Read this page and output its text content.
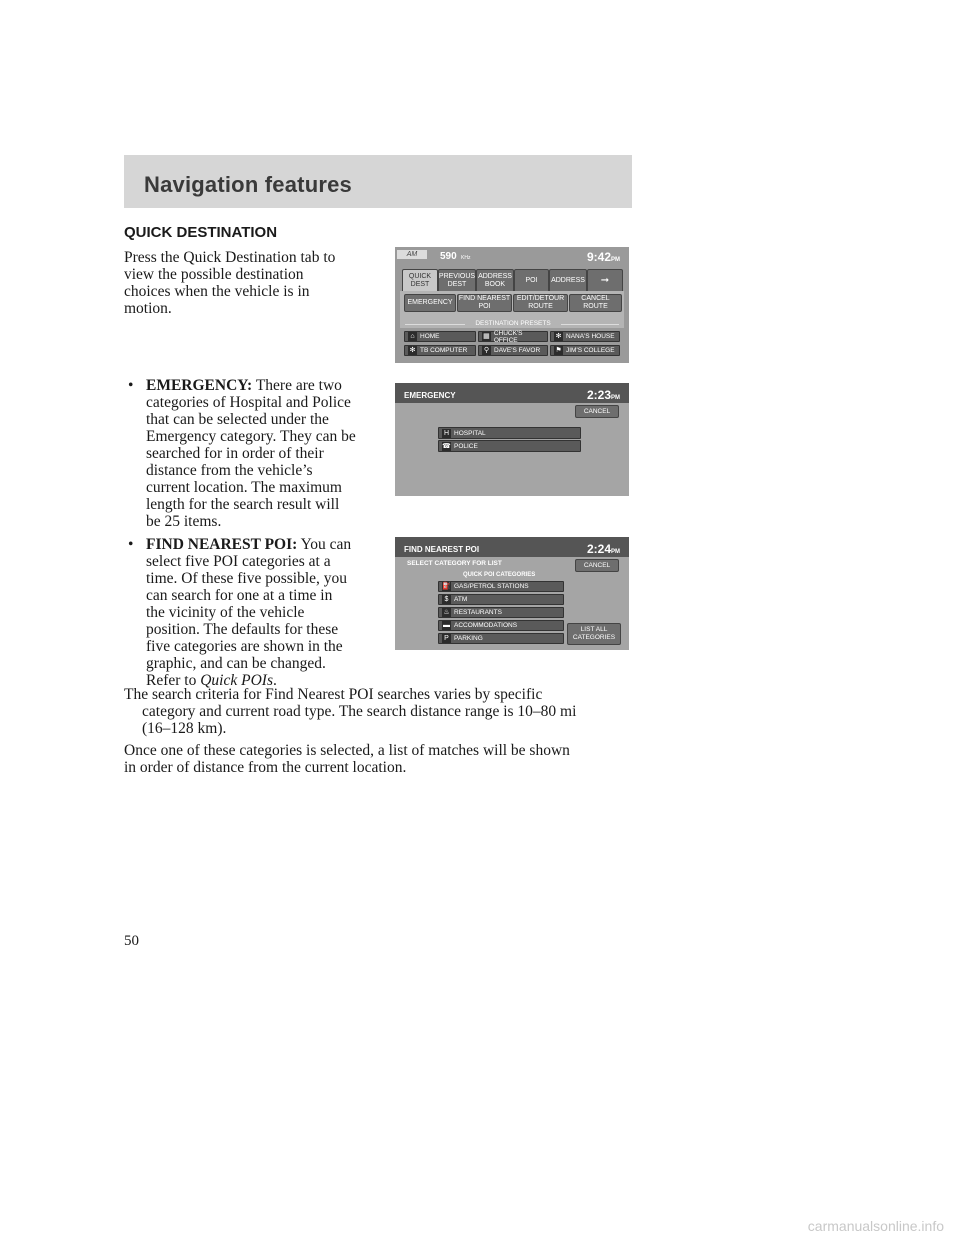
Navigation features
QUICK DESTINATION
Press the Quick Destination tab to
view the possible destination
choices when the vehicle is in
motion.
AM	590 KHz	9:42PM
QUICK DEST
PREVIOUS DEST
ADDRESS BOOK
POI	ADDRESS	➞
EMERGENCY
FIND NEAREST POI
EDIT/DETOUR ROUTE
CANCEL ROUTE
DESTINATION PRESETS
⌂ HOME	▦ CHUCK'S OFFICE	✻ NANA'S HOUSE
✻ TB COMPUTER ⚲ DAVE'S FAVOR ⚑ JIM'S COLLEGE
• EMERGENCY: There are two
categories of Hospital and Police
that can be selected under the
Emergency category. They can be
searched for in order of their
distance from the vehicle’s
current location. The maximum
length for the search result will
be 25 items.
EMERGENCY	2:23PM
CANCEL
H HOSPITAL
☎ POLICE
• FIND NEAREST POI: You can
select five POI categories at a
time. Of these five possible, you
can search for one at a time in
the vicinity of the vehicle
position. The defaults for these
five categories are shown in the
graphic, and can be changed.
Refer to Quick POIs.
FIND NEAREST POI	2:24PM
SELECT CATEGORY FOR LIST	CANCEL
QUICK POI CATEGORIES
⛽ GAS/PETROL STATIONS
$ ATM
♨ RESTAURANTS
▬ ACCOMMODATIONS
P PARKING
LIST ALL CATEGORIES
The search criteria for Find Nearest POI searches varies by specific
category and current road type. The search distance range is 10–80 mi
(16–128 km).
Once one of these categories is selected, a list of matches will be shown
in order of distance from the current location.
50
carmanualsonline.info
